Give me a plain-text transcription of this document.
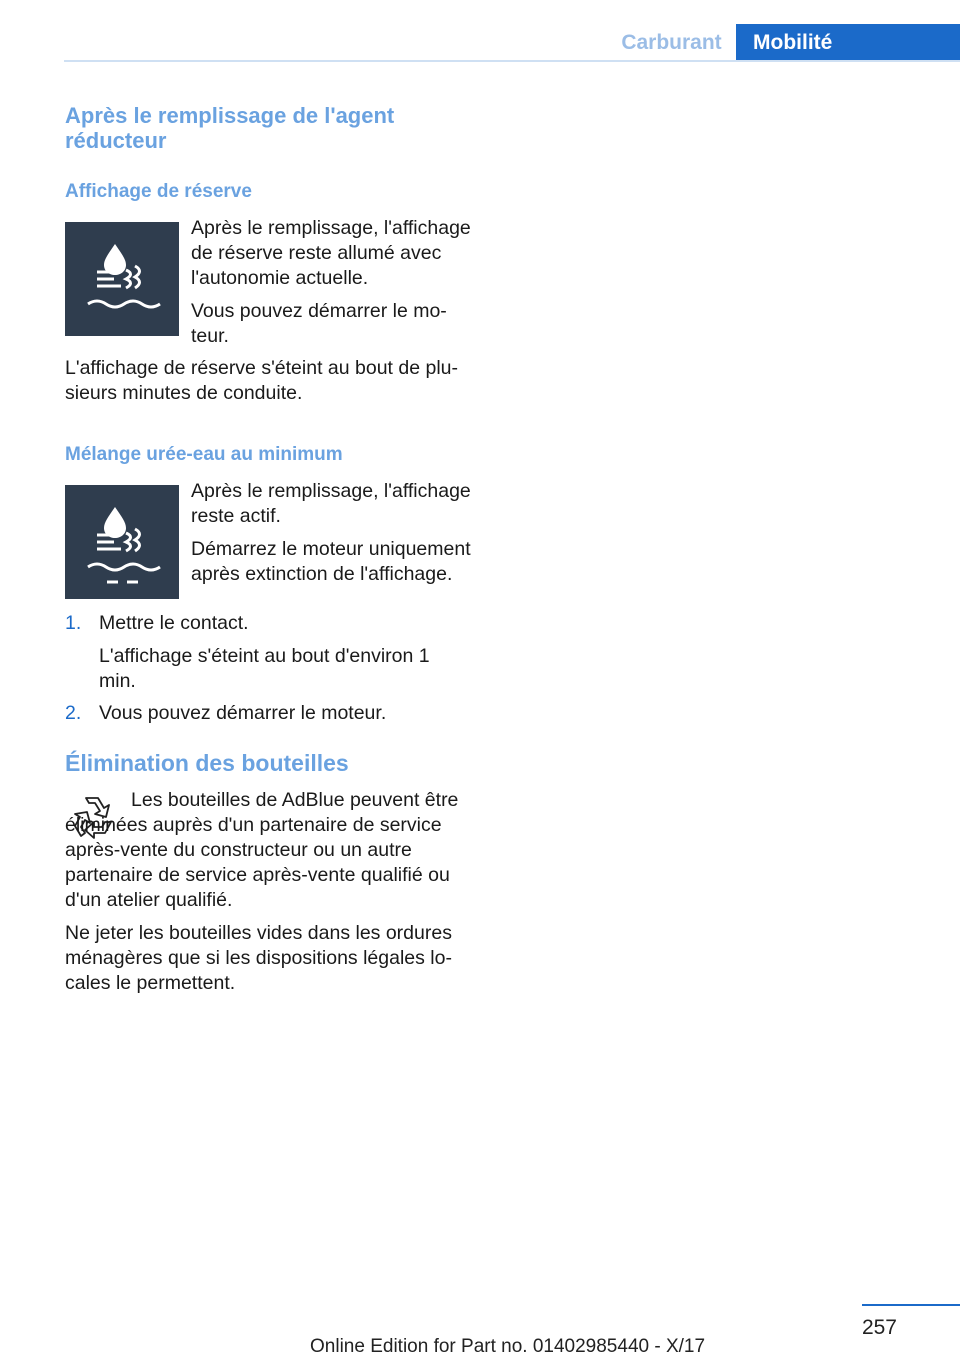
Carburant	Mobilité
Après le remplissage de l'agent réducteur
Affichage de réserve

Après le remplissage, l'affichage de réserve reste allumé avec l'autonomie actuelle.

Vous pouvez démarrer le mo‐ teur.

L'affichage de réserve s'éteint au bout de plu‐ sieurs minutes de conduite.

Mélange urée-eau au minimum

Après le remplissage, l'affichage reste actif.

Démarrez le moteur uniquement après extinction de l'affichage.

1. Mettre le contact.

L'affichage s'éteint au bout d'environ 1 min.

2. Vous pouvez démarrer le moteur.

Élimination des bouteilles

Les bouteilles de AdBlue peuvent être éliminées auprès d'un partenaire de service après-vente du constructeur ou un autre partenaire de service après-vente qualifié ou d'un atelier qualifié.

Ne jeter les bouteilles vides dans les ordures ménagères que si les dispositions légales lo‐ cales le permettent.

257
Online Edition for Part no. 01402985440 - X/17
